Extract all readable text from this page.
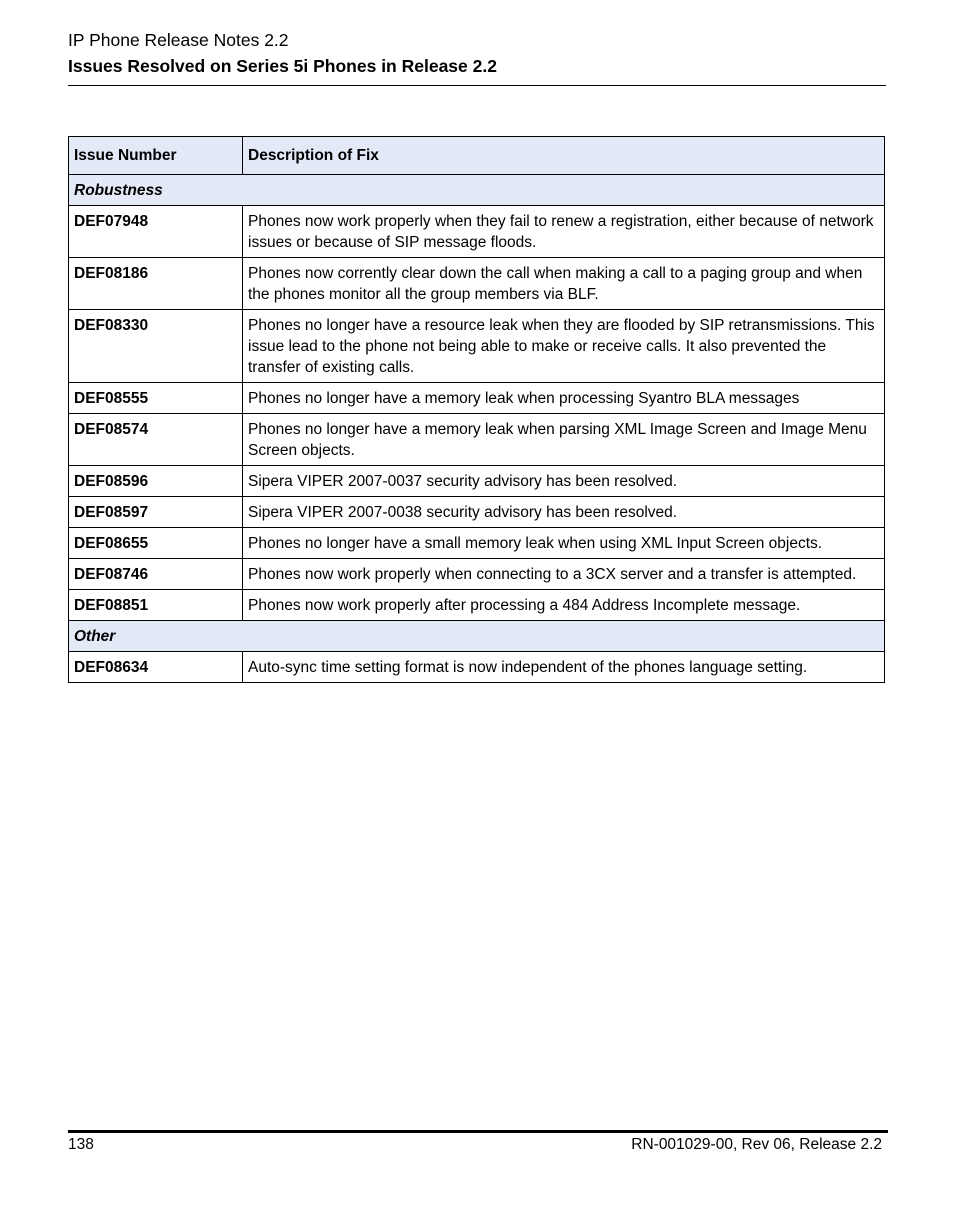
IP Phone Release Notes 2.2

Issues Resolved on Series 5i Phones in Release 2.2

Issue Number	Description of Fix
Robustness	
DEF07948	Phones now work properly when they fail to renew a registration, either because of network issues or because of SIP message floods.
DEF08186	Phones now corrently clear down the call when making a call to a paging group and when the phones monitor all the group members via BLF.
DEF08330	Phones no longer have a resource leak when they are flooded by SIP retransmissions. This issue lead to the phone not being able to make or receive calls. It also prevented the transfer of existing calls.
DEF08555	Phones no longer have a memory leak when processing Syantro BLA messages
DEF08574	Phones no longer have a memory leak when parsing XML Image Screen and Image Menu Screen objects.
DEF08596	Sipera VIPER 2007-0037 security advisory has been resolved.
DEF08597	Sipera VIPER 2007-0038 security advisory has been resolved.
DEF08655	Phones no longer have a small memory leak when using XML Input Screen objects.
DEF08746	Phones now work properly when connecting to a 3CX server and a transfer is attempted.
DEF08851	Phones now work properly after processing a 484 Address Incomplete message.
Other	
DEF08634	Auto-sync time setting format is now independent of the phones language setting.
138	RN-001029-00, Rev 06, Release 2.2
